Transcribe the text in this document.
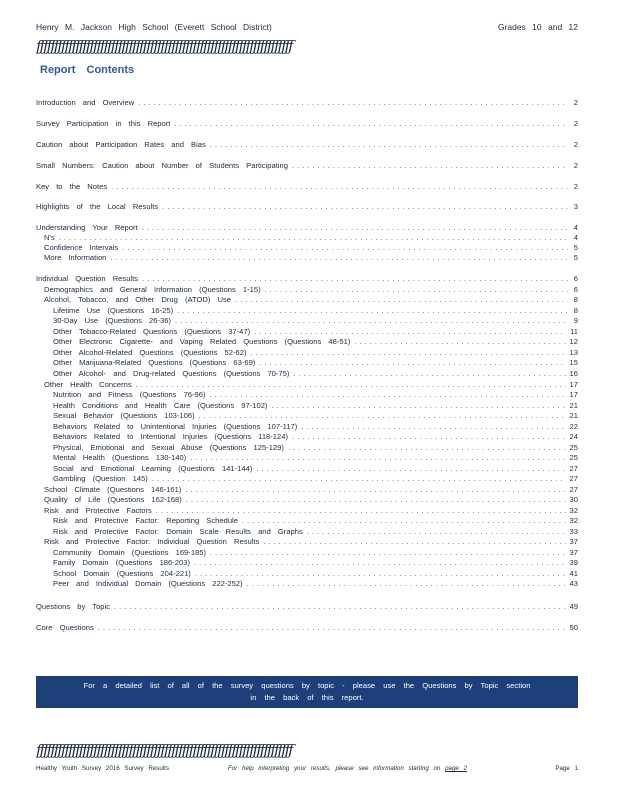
Henry M. Jackson High School (Everett School District)	Grades 10 and 12
ƒƒƒƒƒƒƒƒƒƒƒƒƒƒƒƒƒƒƒƒƒƒƒƒƒƒƒƒƒƒƒƒƒƒƒƒƒƒƒƒƒƒƒƒƒƒƒƒƒƒƒƒƒƒƒƒƒƒƒƒƒƒƒƒƒƒƒƒƒƒƒƒ
Report Contents
Introduction and Overview .....	2
Survey Participation in this Report .....	2
Caution about Participation Rates and Bias .....	2
Small Numbers: Caution about Number of Students Participating .....	2
Key to the Notes .....	2
Highlights of the Local Results .....	3
Understanding Your Report .....	4
N's .....	4
Confidence Intervals .....	5
More Information .....	5
Individual Question Results .....	6
Demographics and General Information (Questions 1-15) .....	6
Alcohol, Tobacco, and Other Drug (ATOD) Use .....	8
Lifetime Use (Questions 16-25) .....	8
30-Day Use (Questions 26-36) .....	9
Other Tobacco-Related Questions (Questions 37-47) .....	11
Other Electronic Cigarette- and Vaping Related Questions (Questions 48-51) .....	12
Other Alcohol-Related Questions (Questions 52-62) .....	13
Other Marijuana-Related Questions (Questions 63-69) .....	15
Other Alcohol- and Drug-related Questions (Questions 70-75) .....	16
Other Health Concerns .....	17
Nutrition and Fitness (Questions 76-96) .....	17
Health Conditions and Health Care (Questions 97-102) .....	21
Sexual Behavior (Questions 103-106) .....	21
Behaviors Related to Unintentional Injuries (Questions 107-117) .....	22
Behaviors Related to Intentional Injuries (Questions 118-124) .....	24
Physical, Emotional and Sexual Abuse (Questions 125-129) .....	25
Mental Health (Questions 130-140) .....	25
Social and Emotional Learning (Questions 141-144) .....	27
Gambling (Question 145) .....	27
School Climate (Questions 146-161) .....	27
Quality of Life (Questions 162-168) .....	30
Risk and Protective Factors .....	32
Risk and Protective Factor: Reporting Schedule .....	32
Risk and Protective Factor: Domain Scale Results and Graphs .....	33
Risk and Protective Factor: Individual Question Results .....	37
Community Domain (Questions 169-185) .....	37
Family Domain (Questions 186-203) .....	39
School Domain (Questions 204-221) .....	41
Peer and Individual Domain (Questions 222-252) .....	43
Questions by Topic .....	49
Core Questions .....	50
For a detailed list of all of the survey questions by topic - please use the Questions by Topic section
in the back of this report.
ƒƒƒƒƒƒƒƒƒƒƒƒƒƒƒƒƒƒƒƒƒƒƒƒƒƒƒƒƒƒƒƒƒƒƒƒƒƒƒƒƒƒƒƒƒƒƒƒƒƒƒƒƒƒƒƒƒƒƒƒƒƒƒƒƒƒƒƒƒƒƒƒ
Healthy Youth Survey 2016 Survey Results	For help interpreting your results, please see information starting on page 2	Page 1
